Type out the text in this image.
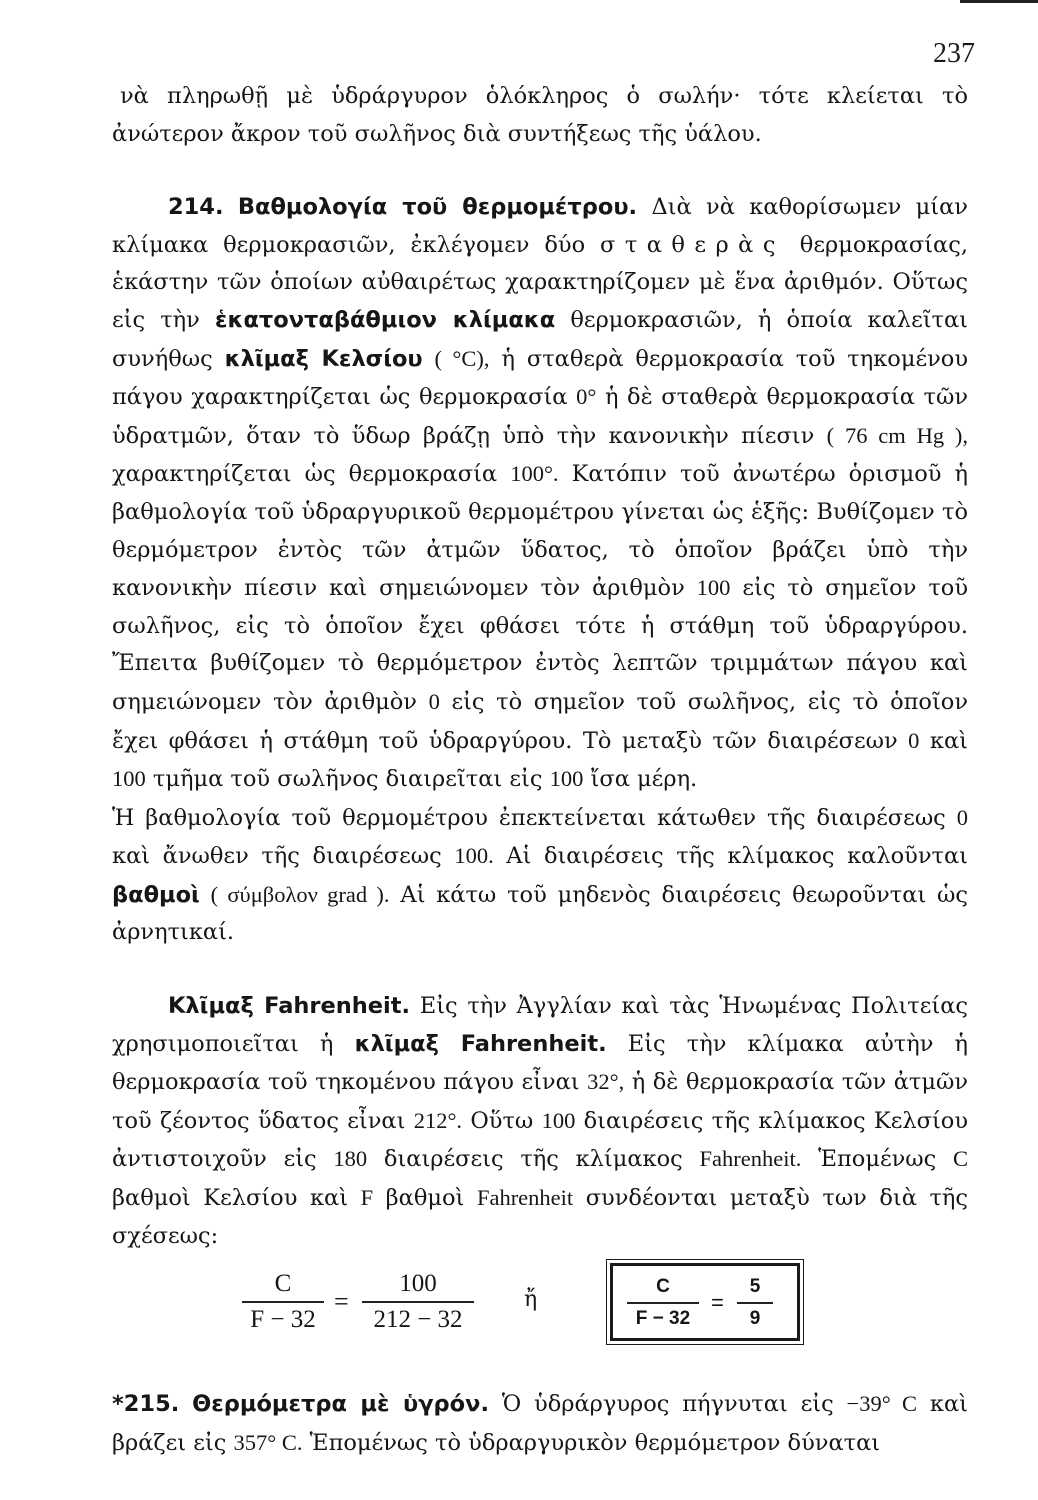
237

νὰ πληρωθῇ μὲ ὑδράργυρον ὁλόκληρος ὁ σωλήν· τότε κλείεται τὸ ἀνώτερον ἄκρον τοῦ σωλῆνος διὰ συντήξεως τῆς ὑάλου.

214. Βαθμολογία τοῦ θερμομέτρου. Διὰ νὰ καθορίσωμεν μίαν κλίμακα θερμοκρασιῶν, ἐκλέγομεν δύο σταθερὰς θερμοκρασίας, ἑκάστην τῶν ὁποίων αὐθαιρέτως χαρακτηρίζομεν μὲ ἕνα ἀριθμόν. Οὕτως εἰς τὴν ἑκατονταβάθμιον κλίμακα θερμοκρασιῶν, ἡ ὁποία καλεῖται συνήθως κλῖμαξ Κελσίου ( °C), ἡ σταθερὰ θερμοκρασία τοῦ τηκομένου πάγου χαρακτηρίζεται ὡς θερμοκρασία 0° ἡ δὲ σταθερὰ θερμοκρασία τῶν ὑδρατμῶν, ὅταν τὸ ὕδωρ βράζῃ ὑπὸ τὴν κανονικὴν πίεσιν ( 76 cm Hg ), χαρακτηρίζεται ὡς θερμοκρασία 100°. Κατόπιν τοῦ ἀνωτέρω ὁρισμοῦ ἡ βαθμολογία τοῦ ὑδραργυρικοῦ θερμομέτρου γίνεται ὡς ἑξῆς: Βυθίζομεν τὸ θερμόμετρον ἐντὸς τῶν ἀτμῶν ὕδατος, τὸ ὁποῖον βράζει ὑπὸ τὴν κανονικὴν πίεσιν καὶ σημειώνομεν τὸν ἀριθμὸν 100 εἰς τὸ σημεῖον τοῦ σωλῆνος, εἰς τὸ ὁποῖον ἔχει φθάσει τότε ἡ στάθμη τοῦ ὑδραργύρου. Ἔπειτα βυθίζομεν τὸ θερμόμετρον ἐντὸς λεπτῶν τριμμάτων πάγου καὶ σημειώνομεν τὸν ἀριθμὸν 0 εἰς τὸ σημεῖον τοῦ σωλῆνος, εἰς τὸ ὁποῖον ἔχει φθάσει ἡ στάθμη τοῦ ὑδραργύρου. Τὸ μεταξὺ τῶν διαιρέσεων 0 καὶ 100 τμῆμα τοῦ σωλῆνος διαιρεῖται εἰς 100 ἴσα μέρη.

Ἡ βαθμολογία τοῦ θερμομέτρου ἐπεκτείνεται κάτωθεν τῆς διαιρέσεως 0 καὶ ἄνωθεν τῆς διαιρέσεως 100. Αἱ διαιρέσεις τῆς κλίμακος καλοῦνται βαθμοὶ ( σύμβολον grad ). Αἱ κάτω τοῦ μηδενὸς διαιρέσεις θεωροῦνται ὡς ἀρνητικαί.

Κλῖμαξ Fahrenheit. Εἰς τὴν Ἀγγλίαν καὶ τὰς Ἡνωμένας Πολιτείας χρησιμοποιεῖται ἡ κλῖμαξ Fahrenheit. Εἰς τὴν κλίμακα αὐτὴν ἡ θερμοκρασία τοῦ τηκομένου πάγου εἶναι 32°, ἡ δὲ θερμοκρασία τῶν ἀτμῶν τοῦ ζέοντος ὕδατος εἶναι 212°. Οὕτω 100 διαιρέσεις τῆς κλίμακος Κελσίου ἀντιστοιχοῦν εἰς 180 διαιρέσεις τῆς κλίμακος Fahrenheit. Ἑπομένως C βαθμοὶ Κελσίου καὶ F βαθμοὶ Fahrenheit συνδέονται μεταξὺ των διὰ τῆς σχέσεως:

C
F − 32
=
100
212 − 32
ἤ
C
F − 32
=
5
9

*215. Θερμόμετρα μὲ ὑγρόν. Ὁ ὑδράργυρος πήγνυται εἰς −39° C καὶ βράζει εἰς 357° C. Ἑπομένως τὸ ὑδραργυρικὸν θερμόμετρον δύναται
